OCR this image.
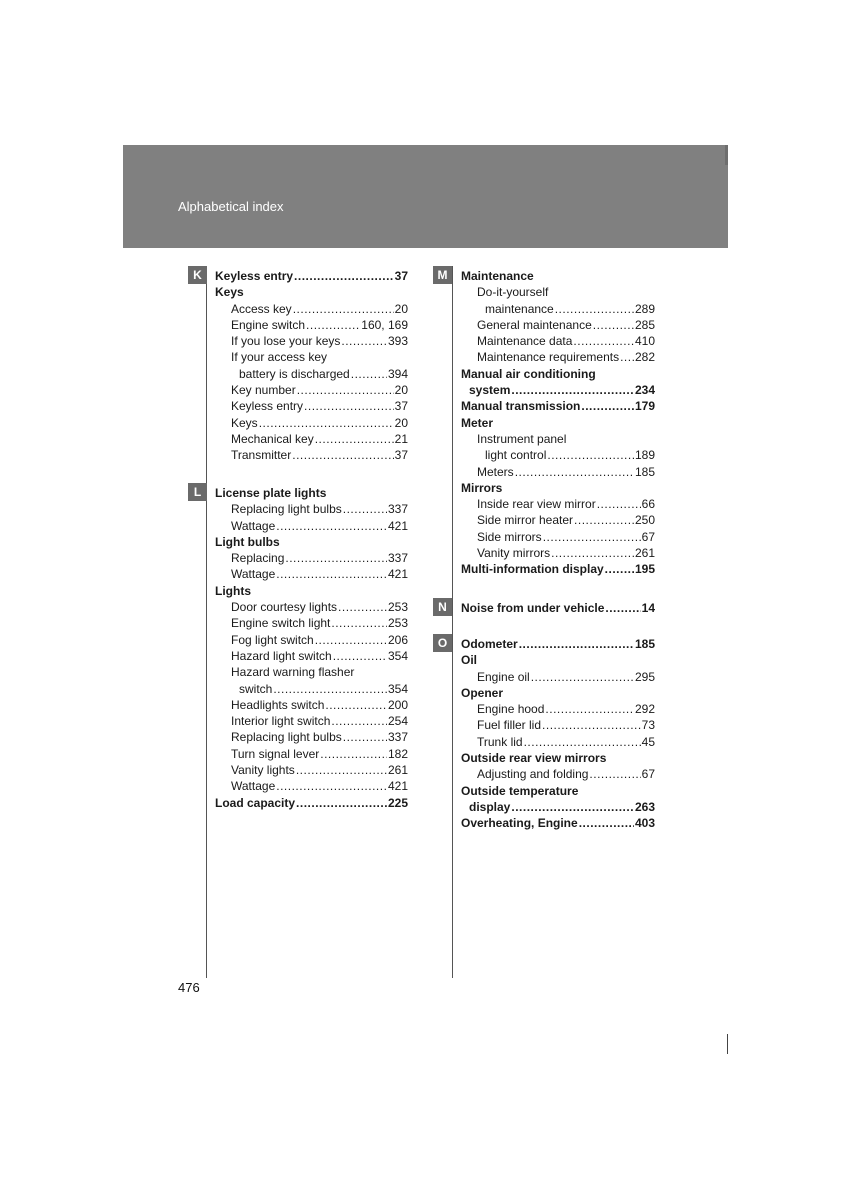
Alphabetical index
K	Keyless entry .....	37
Keys
Access key .....	20
Engine switch .....	160, 169
If you lose your keys .....	393
If your access key
battery is discharged .....	394
Key number .....	20
Keyless entry .....	37
Keys .....	20
Mechanical key .....	21
Transmitter .....	37
L	License plate lights
Replacing light bulbs .....	337
Wattage .....	421
Light bulbs
Replacing .....	337
Wattage .....	421
Lights
Door courtesy lights .....	253
Engine switch light .....	253
Fog light switch .....	206
Hazard light switch .....	354
Hazard warning flasher
switch .....	354
Headlights switch .....	200
Interior light switch .....	254
Replacing light bulbs .....	337
Turn signal lever .....	182
Vanity lights .....	261
Wattage .....	421
Load capacity .....	225
M	Maintenance
Do-it-yourself
maintenance .....	289
General maintenance .....	285
Maintenance data .....	410
Maintenance requirements ..... 282
Manual air conditioning
system .....	234
Manual transmission .....	179
Meter
Instrument panel
light control .....	189
Meters .....	185
Mirrors
Inside rear view mirror .....	66
Side mirror heater .....	250
Side mirrors .....	67
Vanity mirrors .....	261
Multi-information display .....	195
N	Noise from under vehicle .....	14
O	Odometer .....	185
Oil
Engine oil .....	295
Opener
Engine hood .....	292
Fuel filler lid .....	73
Trunk lid .....	45
Outside rear view mirrors
Adjusting and folding .....	67
Outside temperature
display .....	263
Overheating, Engine .....	403
476
